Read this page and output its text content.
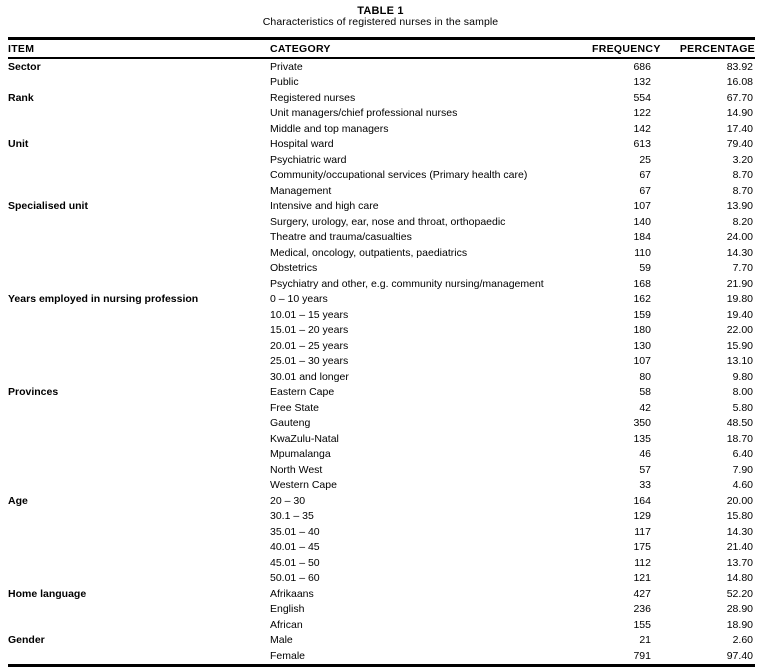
TABLE 1
Characteristics of registered nurses in the sample
ITEM	CATEGORY	FREQUENCY	PERCENTAGE
Sector	Private	686	83.92
	Public	132	16.08
Rank	Registered nurses	554	67.70
	Unit managers/chief professional nurses	122	14.90
	Middle and top managers	142	17.40
Unit	Hospital ward	613	79.40
	Psychiatric ward	25	3.20
	Community/occupational services (Primary health care)	67	8.70
	Management	67	8.70
Specialised unit	Intensive and high care	107	13.90
	Surgery, urology, ear, nose and throat, orthopaedic	140	8.20
	Theatre and trauma/casualties	184	24.00
	Medical, oncology, outpatients, paediatrics	110	14.30
	Obstetrics	59	7.70
	Psychiatry and other, e.g. community nursing/management	168	21.90
Years employed in nursing profession	0 – 10 years	162	19.80
	10.01 – 15 years	159	19.40
	15.01 – 20 years	180	22.00
	20.01 – 25 years	130	15.90
	25.01 – 30 years	107	13.10
	30.01 and longer	80	9.80
Provinces	Eastern Cape	58	8.00
	Free State	42	5.80
	Gauteng	350	48.50
	KwaZulu-Natal	135	18.70
	Mpumalanga	46	6.40
	North West	57	7.90
	Western Cape	33	4.60
Age	20 – 30	164	20.00
	30.1 – 35	129	15.80
	35.01 – 40	117	14.30
	40.01 – 45	175	21.40
	45.01 – 50	112	13.70
	50.01 – 60	121	14.80
Home language	Afrikaans	427	52.20
	English	236	28.90
	African	155	18.90
Gender	Male	21	2.60
	Female	791	97.40
